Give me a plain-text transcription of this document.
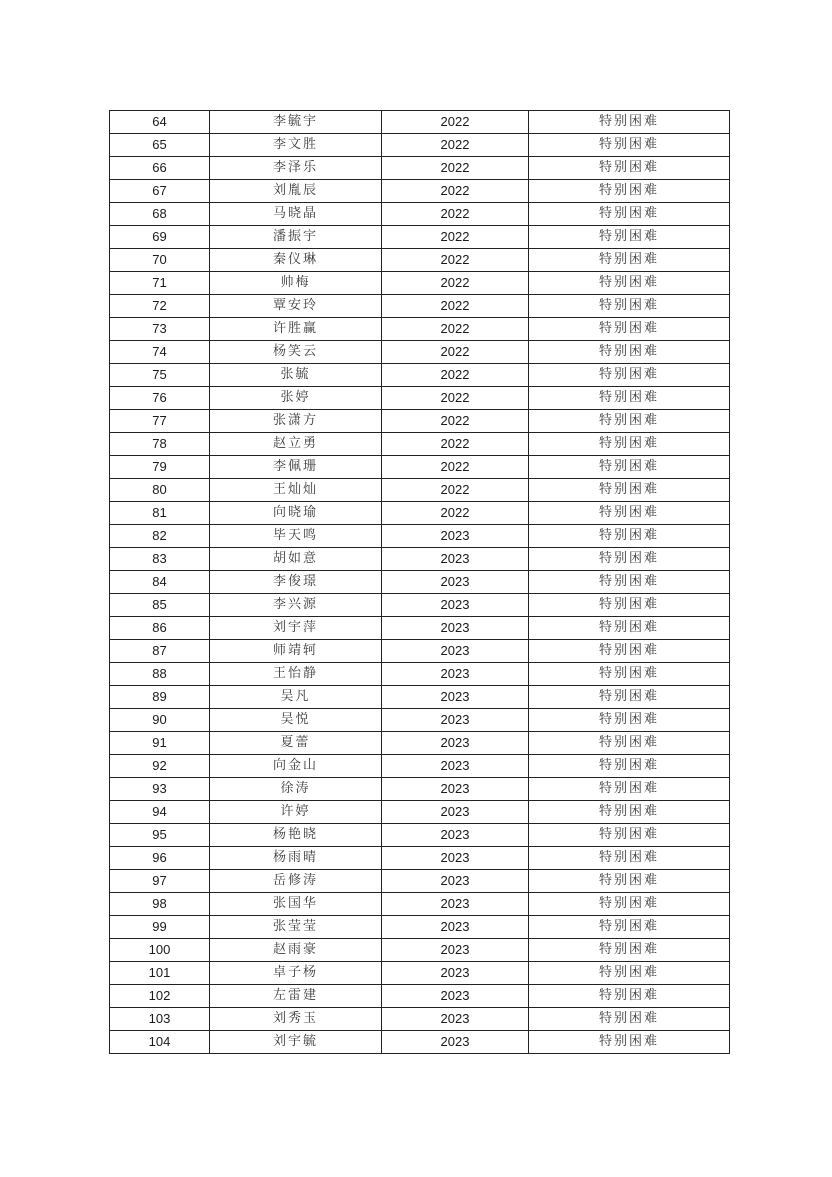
64	李毓宇	2022	特别困难
65	李文胜	2022	特别困难
66	李泽乐	2022	特别困难
67	刘胤辰	2022	特别困难
68	马晓晶	2022	特别困难
69	潘振宇	2022	特别困难
70	秦仪琳	2022	特别困难
71	帅梅	2022	特别困难
72	覃安玲	2022	特别困难
73	许胜赢	2022	特别困难
74	杨笑云	2022	特别困难
75	张毓	2022	特别困难
76	张婷	2022	特别困难
77	张潇方	2022	特别困难
78	赵立勇	2022	特别困难
79	李佩珊	2022	特别困难
80	王灿灿	2022	特别困难
81	向晓瑜	2022	特别困难
82	毕天鸣	2023	特别困难
83	胡如意	2023	特别困难
84	李俊璟	2023	特别困难
85	李兴源	2023	特别困难
86	刘宇萍	2023	特别困难
87	师靖轲	2023	特别困难
88	王怡静	2023	特别困难
89	吴凡	2023	特别困难
90	吴悦	2023	特别困难
91	夏蕾	2023	特别困难
92	向金山	2023	特别困难
93	徐涛	2023	特别困难
94	许婷	2023	特别困难
95	杨艳晓	2023	特别困难
96	杨雨晴	2023	特别困难
97	岳修涛	2023	特别困难
98	张国华	2023	特别困难
99	张莹莹	2023	特别困难
100	赵雨豪	2023	特别困难
101	卓子杨	2023	特别困难
102	左雷建	2023	特别困难
103	刘秀玉	2023	特别困难
104	刘宇毓	2023	特别困难
